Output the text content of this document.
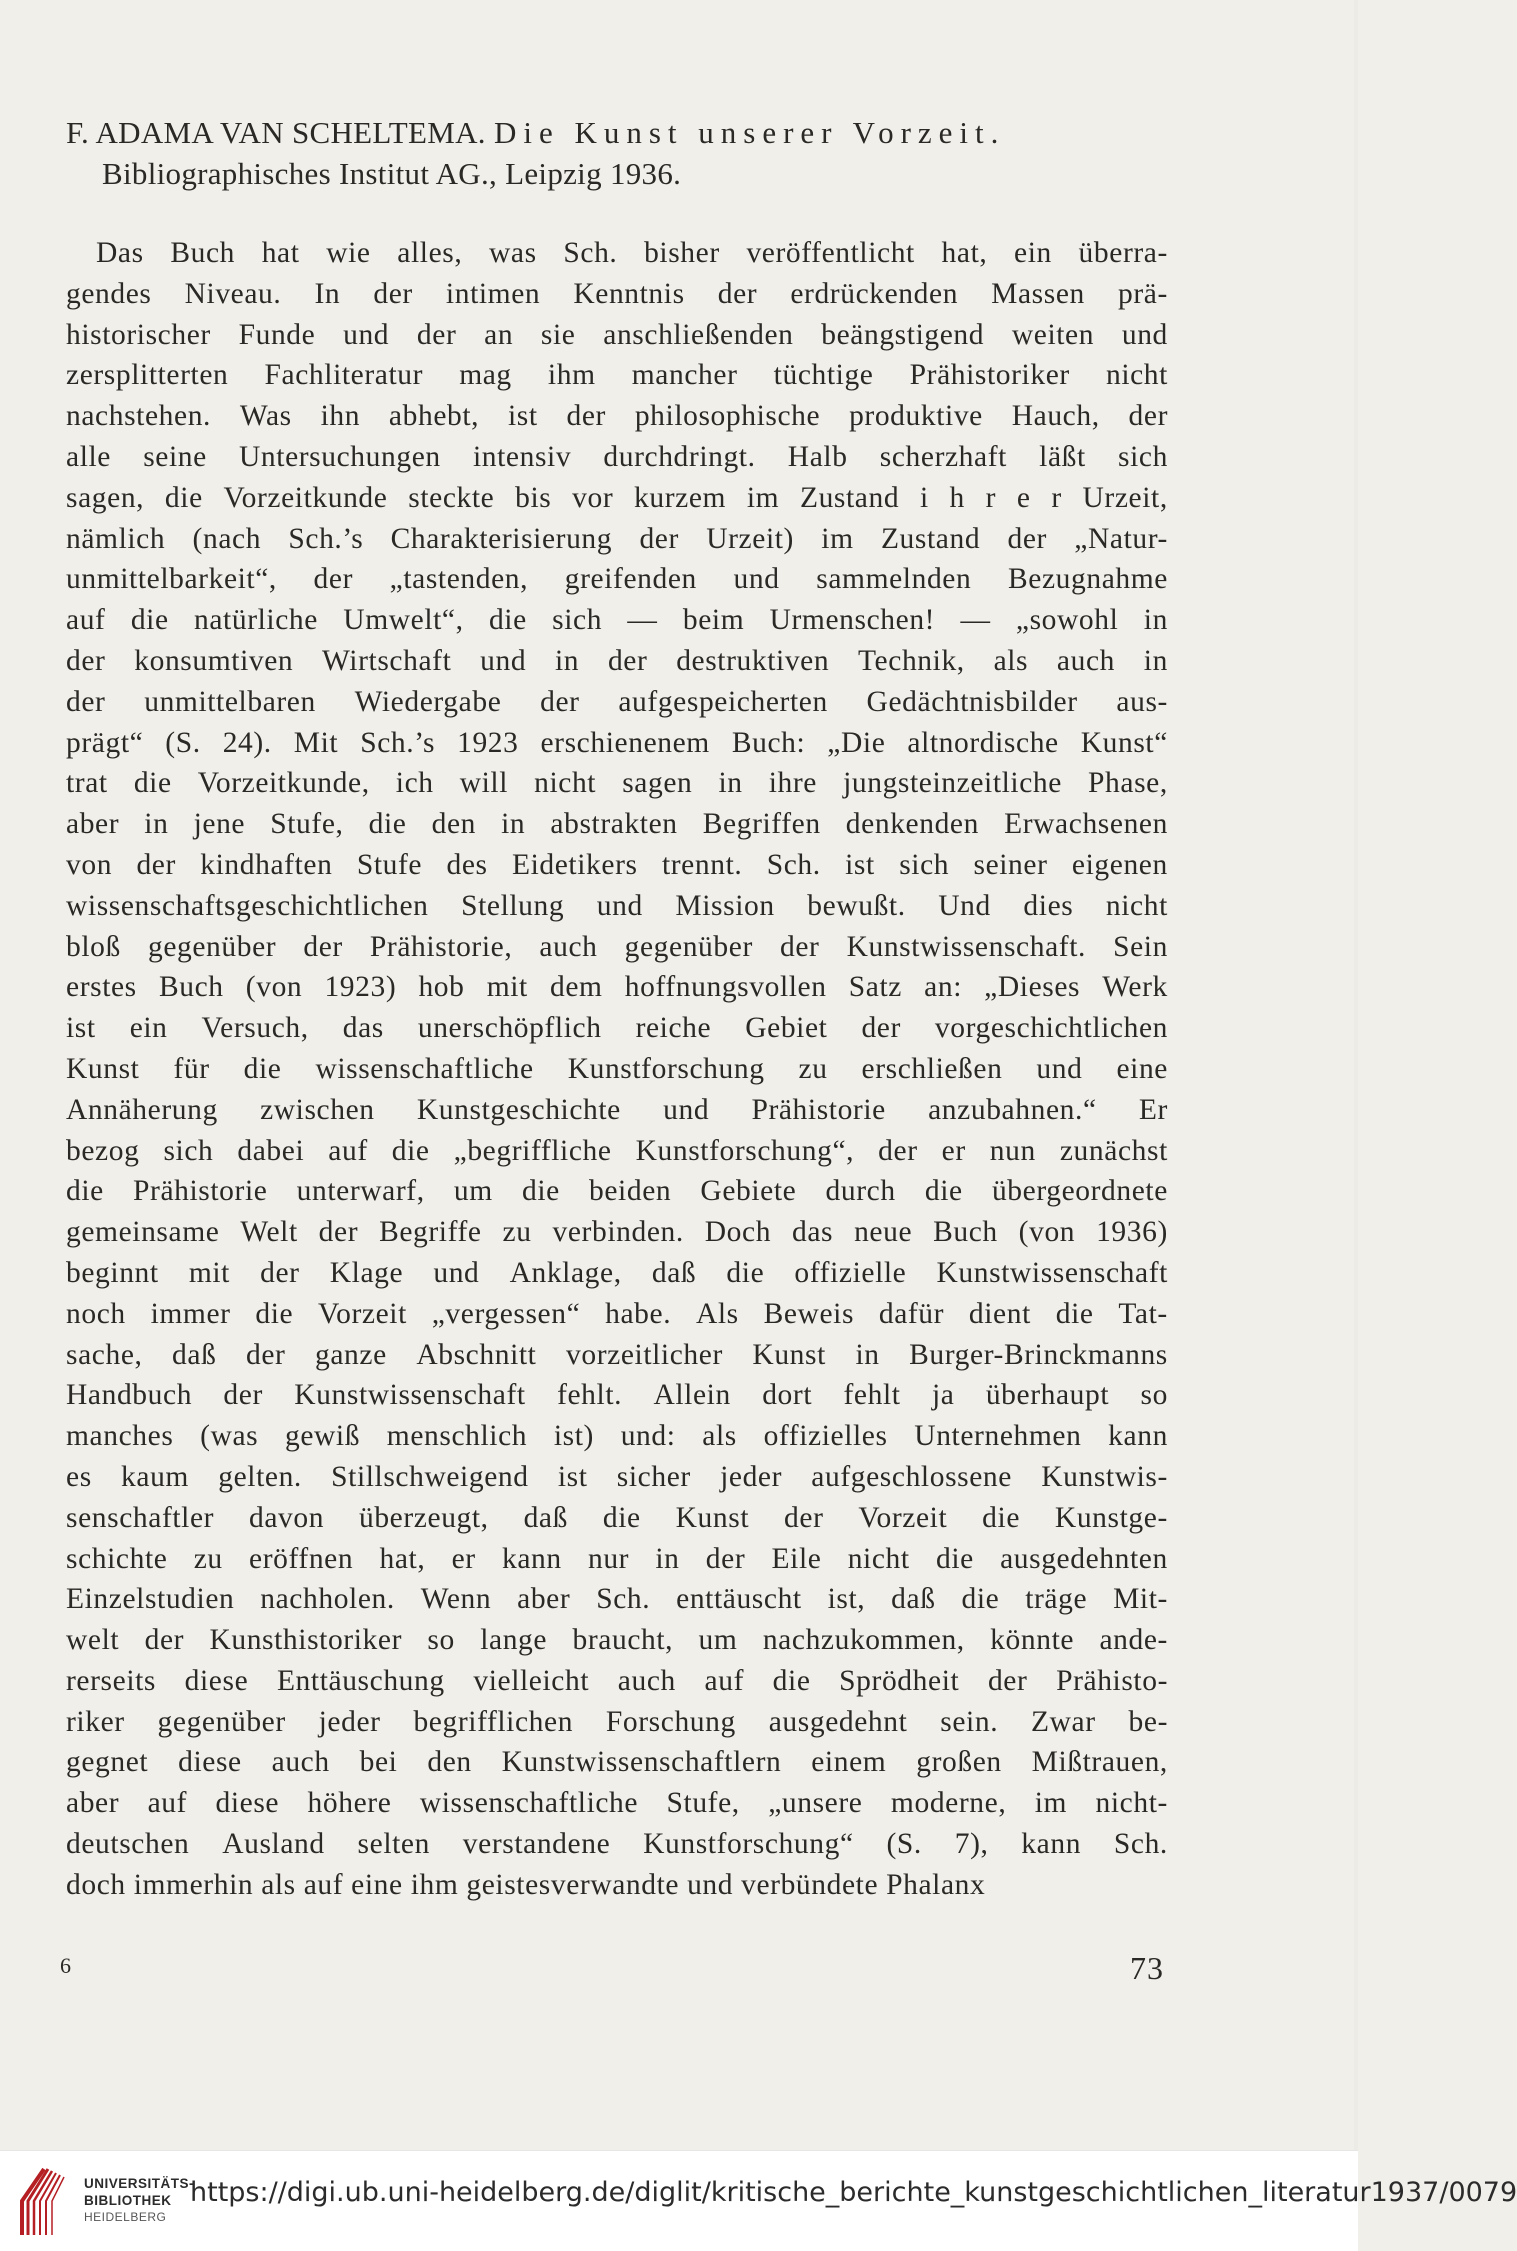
F. ADAMA VAN SCHELTEMA. Die Kunst unserer Vorzeit.
Bibliographisches Institut AG., Leipzig 1936.
Das Buch hat wie alles, was Sch. bisher veröffentlicht hat, ein überra-
gendes Niveau. In der intimen Kenntnis der erdrückenden Massen prä-
historischer Funde und der an sie anschließenden beängstigend weiten und
zersplitterten Fachliteratur mag ihm mancher tüchtige Prähistoriker nicht
nachstehen. Was ihn abhebt, ist der philosophische produktive Hauch, der
alle seine Untersuchungen intensiv durchdringt. Halb scherzhaft läßt sich
sagen, die Vorzeitkunde steckte bis vor kurzem im Zustand i h r e r Urzeit,
nämlich (nach Sch.’s Charakterisierung der Urzeit) im Zustand der „Natur-
unmittelbarkeit“, der „tastenden, greifenden und sammelnden Bezugnahme
auf die natürliche Umwelt“, die sich — beim Urmenschen! — „sowohl in
der konsumtiven Wirtschaft und in der destruktiven Technik, als auch in
der unmittelbaren Wiedergabe der aufgespeicherten Gedächtnisbilder aus-
prägt“ (S. 24). Mit Sch.’s 1923 erschienenem Buch: „Die altnordische Kunst“
trat die Vorzeitkunde, ich will nicht sagen in ihre jungsteinzeitliche Phase,
aber in jene Stufe, die den in abstrakten Begriffen denkenden Erwachsenen
von der kindhaften Stufe des Eidetikers trennt. Sch. ist sich seiner eigenen
wissenschaftsgeschichtlichen Stellung und Mission bewußt. Und dies nicht
bloß gegenüber der Prähistorie, auch gegenüber der Kunstwissenschaft. Sein
erstes Buch (von 1923) hob mit dem hoffnungsvollen Satz an: „Dieses Werk
ist ein Versuch, das unerschöpflich reiche Gebiet der vorgeschichtlichen
Kunst für die wissenschaftliche Kunstforschung zu erschließen und eine
Annäherung zwischen Kunstgeschichte und Prähistorie anzubahnen.“ Er
bezog sich dabei auf die „begriffliche Kunstforschung“, der er nun zunächst
die Prähistorie unterwarf, um die beiden Gebiete durch die übergeordnete
gemeinsame Welt der Begriffe zu verbinden. Doch das neue Buch (von 1936)
beginnt mit der Klage und Anklage, daß die offizielle Kunstwissenschaft
noch immer die Vorzeit „vergessen“ habe. Als Beweis dafür dient die Tat-
sache, daß der ganze Abschnitt vorzeitlicher Kunst in Burger-Brinckmanns
Handbuch der Kunstwissenschaft fehlt. Allein dort fehlt ja überhaupt so
manches (was gewiß menschlich ist) und: als offizielles Unternehmen kann
es kaum gelten. Stillschweigend ist sicher jeder aufgeschlossene Kunstwis-
senschaftler davon überzeugt, daß die Kunst der Vorzeit die Kunstge-
schichte zu eröffnen hat, er kann nur in der Eile nicht die ausgedehnten
Einzelstudien nachholen. Wenn aber Sch. enttäuscht ist, daß die träge Mit-
welt der Kunsthistoriker so lange braucht, um nachzukommen, könnte ande-
rerseits diese Enttäuschung vielleicht auch auf die Sprödheit der Prähisto-
riker gegenüber jeder begrifflichen Forschung ausgedehnt sein. Zwar be-
gegnet diese auch bei den Kunstwissenschaftlern einem großen Mißtrauen,
aber auf diese höhere wissenschaftliche Stufe, „unsere moderne, im nicht-
deutschen Ausland selten verstandene Kunstforschung“ (S. 7), kann Sch.
doch immerhin als auf eine ihm geistesverwandte und verbündete Phalanx
6	73
UNIVERSITÄTS-
BIBLIOTHEK
HEIDELBERG
https://digi.ub.uni-heidelberg.de/diglit/kritische_berichte_kunstgeschichtlichen_literatur1937/0079
